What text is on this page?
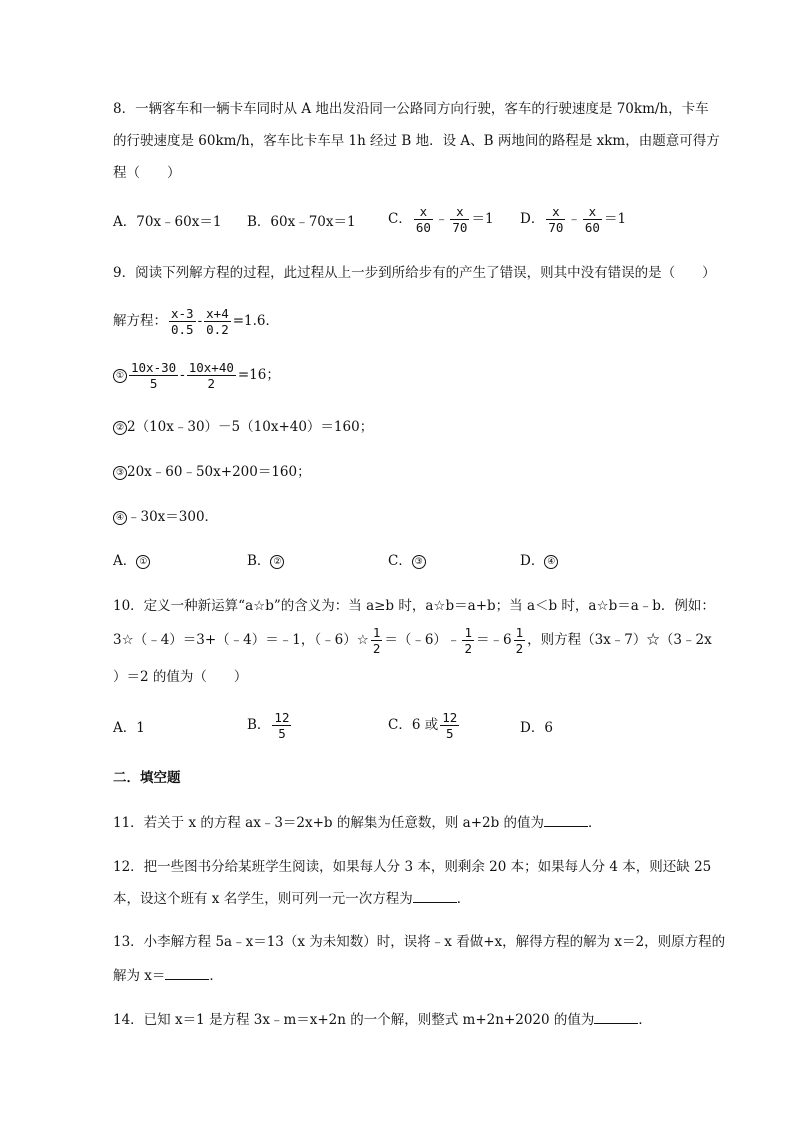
8．一辆客车和一辆卡车同时从 A 地出发沿同一公路同方向行驶，客车的行驶速度是 70km/h，卡车
的行驶速度是 60km/h，客车比卡车早 1h 经过 B 地．设 A、B 两地间的路程是 xkm，由题意可得方
程（　　）
A．70x﹣60x＝1 B．60x﹣70x＝1 C． $\frac{x}{60}$ ﹣ $\frac{x}{70} =1$ D． $\frac{x}{70}$ ﹣ $\frac{x}{60} =1$
9．阅读下列解方程的过程，此过程从上一步到所给步有的产生了错误，则其中没有错误的是（　　）
解方程： $\frac{x-3}{0.5} - \frac{x+4}{0.2} =1.6$．
① $\frac{10x-30}{5} - \frac{10x+40}{2} =16$；
② 2（10x﹣30）－5（10x+40）＝160；
③ 20x﹣60﹣50x+200＝160；
④ ﹣30x＝300．
A． ①	B． ②	C． ③	D． ④
10．定义一种新运算“a☆b”的含义为：当 a≥b 时，a☆b＝a+b；当 a＜b 时，a☆b＝a﹣b．例如：
3☆（﹣4）＝3+（﹣4）＝﹣1，（﹣6）☆ $\frac{1}{2}$ ＝（﹣6）﹣ $\frac{1}{2}$ ＝﹣6 $\frac{1}{2}$ ，则方程（3x﹣7）☆（3﹣2x
）＝2 的值为（　　）
A．1	B． $\frac{12}{5}$	C．6 或 $\frac{12}{5}$	D．6
二．填空题
11．若关于 x 的方程 ax﹣3＝2x+b 的解集为任意数，则 a+2b 的值为	．
12．把一些图书分给某班学生阅读，如果每人分 3 本，则剩余 20 本；如果每人分 4 本，则还缺 25
本，设这个班有 x 名学生，则可列一元一次方程为	．
13．小李解方程 5a﹣x＝13（x 为未知数）时，误将﹣x 看做+x，解得方程的解为 x＝2，则原方程的
解为 x＝	．
14．已知 x＝1 是方程 3x﹣m＝x+2n 的一个解，则整式 m+2n+2020 的值为	．
